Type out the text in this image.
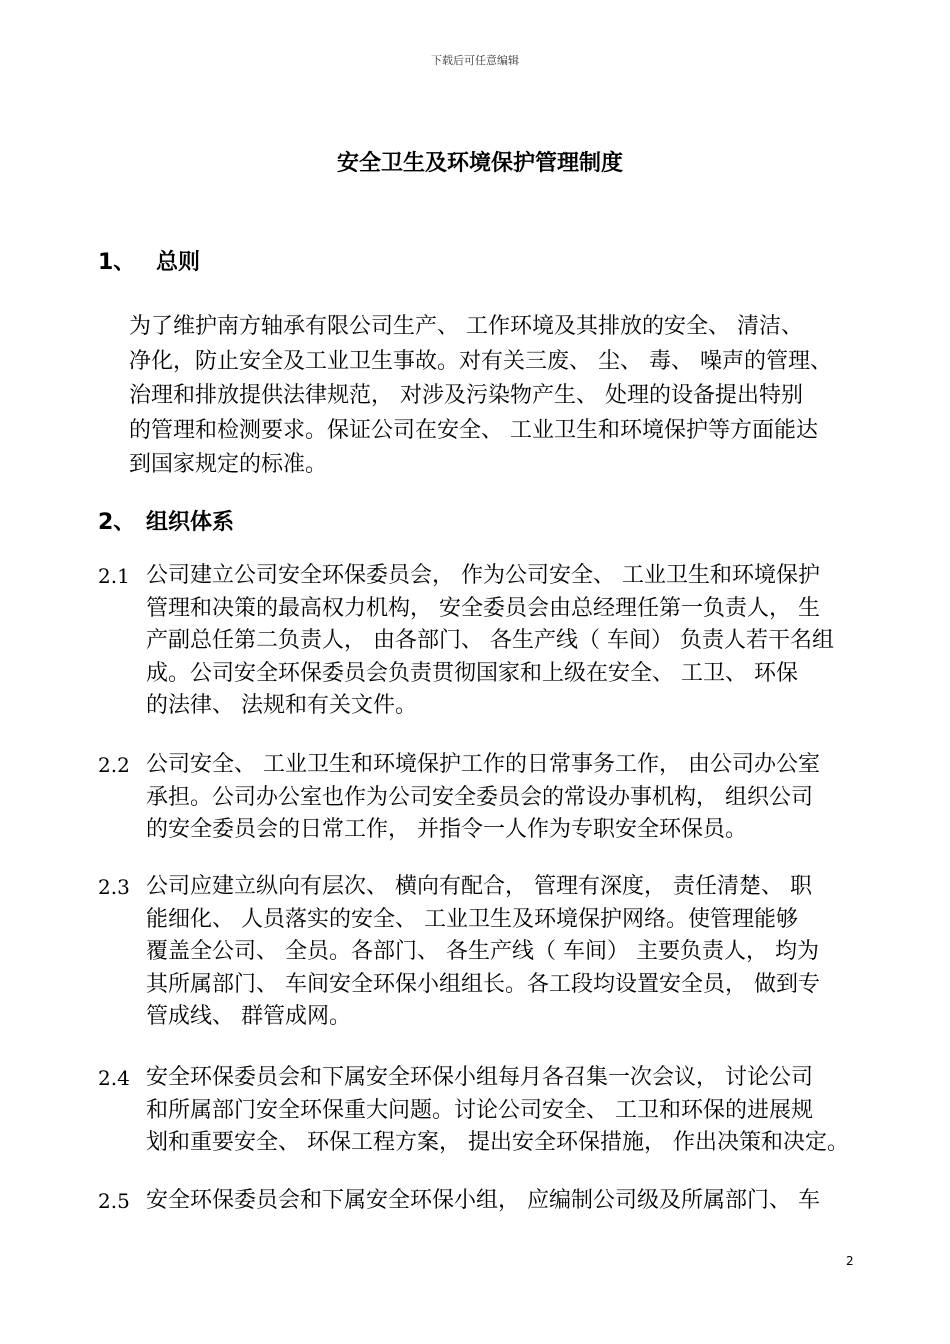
下载后可任意编辑
安全卫生及环境保护管理制度
1、 总则
为了维护南方轴承有限公司生产、 工作环境及其排放的安全、 清洁、
净化，防止安全及工业卫生事故。对有关三废、 尘、 毒、 噪声的管理、
治理和排放提供法律规范， 对涉及污染物产生、 处理的设备提出特别
的管理和检测要求。保证公司在安全、 工业卫生和环境保护等方面能达
到国家规定的标准。
2、 组织体系
2.1 公司建立公司安全环保委员会， 作为公司安全、 工业卫生和环境保护
管理和决策的最高权力机构， 安全委员会由总经理任第一负责人， 生
产副总任第二负责人， 由各部门、 各生产线（ 车间） 负责人若干名组
成。公司安全环保委员会负责贯彻国家和上级在安全、 工卫、 环保
的法律、 法规和有关文件。
2.2 公司安全、 工业卫生和环境保护工作的日常事务工作， 由公司办公室
承担。公司办公室也作为公司安全委员会的常设办事机构， 组织公司
的安全委员会的日常工作， 并指令一人作为专职安全环保员。
2.3 公司应建立纵向有层次、 横向有配合， 管理有深度， 责任清楚、 职
能细化、 人员落实的安全、 工业卫生及环境保护网络。使管理能够
覆盖全公司、 全员。各部门、 各生产线（ 车间） 主要负责人， 均为
其所属部门、 车间安全环保小组组长。各工段均设置安全员， 做到专
管成线、 群管成网。
2.4 安全环保委员会和下属安全环保小组每月各召集一次会议， 讨论公司
和所属部门安全环保重大问题。讨论公司安全、 工卫和环保的进展规
划和重要安全、 环保工程方案， 提出安全环保措施， 作出决策和决定。
2.5 安全环保委员会和下属安全环保小组， 应编制公司级及所属部门、 车
2
